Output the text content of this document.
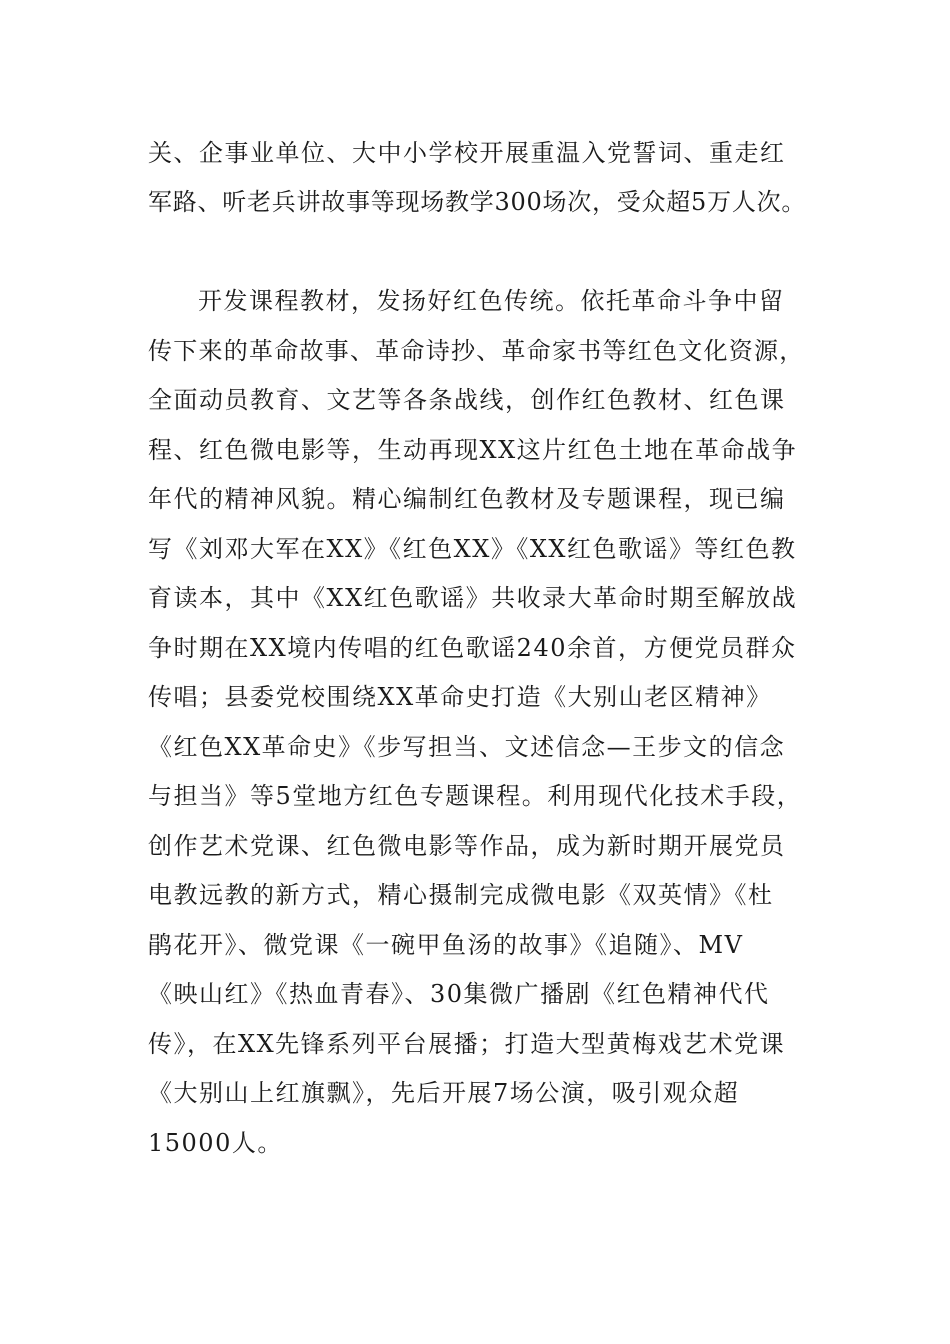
关、企事业单位、大中小学校开展重温入党誓词、重走红
军路、听老兵讲故事等现场教学300场次，受众超5万人次。
开发课程教材，发扬好红色传统。依托革命斗争中留
传下来的革命故事、革命诗抄、革命家书等红色文化资源，
全面动员教育、文艺等各条战线，创作红色教材、红色课
程、红色微电影等，生动再现XX这片红色土地在革命战争
年代的精神风貌。精心编制红色教材及专题课程，现已编
写《刘邓大军在XX》《红色XX》《XX红色歌谣》等红色教
育读本，其中《XX红色歌谣》共收录大革命时期至解放战
争时期在XX境内传唱的红色歌谣240余首，方便党员群众
传唱；县委党校围绕XX革命史打造《大别山老区精神》
《红色XX革命史》《步写担当、文述信念—王步文的信念
与担当》等5堂地方红色专题课程。利用现代化技术手段，
创作艺术党课、红色微电影等作品，成为新时期开展党员
电教远教的新方式，精心摄制完成微电影《双英情》《杜
鹃花开》、微党课《一碗甲鱼汤的故事》《追随》、MV
《映山红》《热血青春》、30集微广播剧《红色精神代代
传》，在XX先锋系列平台展播；打造大型黄梅戏艺术党课
《大别山上红旗飘》，先后开展7场公演，吸引观众超
15000人。
